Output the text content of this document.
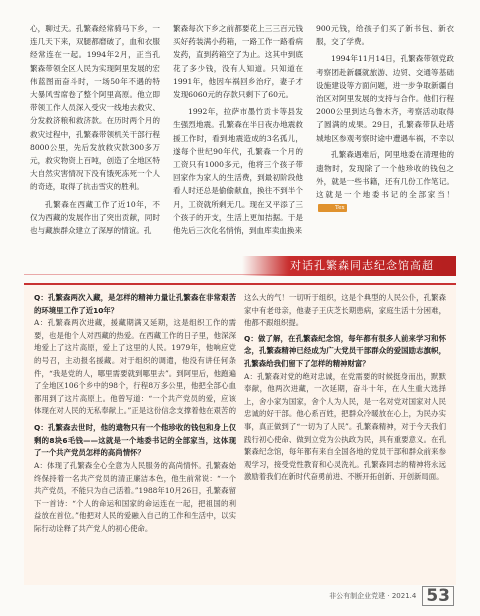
心，聊过天。孔繁森经常骑马下乡，一连几天下来，双腿都磨破了，血和衣服经常连在一起。1994年2月，正当孔繁森带领全区人民为实现阿里发展的宏伟蓝图而奋斗时，一场50年不遇的特大暴风雪席卷了整个阿里高原。他立即带领工作人员深入受灾一线地去救灾、分发救济粮和救济款。在历时两个月的救灾过程中，孔繁森带领机关干部行程8000公里，先后发放救灾款300多万元，救灾物资上百吨，创造了全地区特大自然灾害情况下没有饿死冻死一个人的奇迹，取得了抗击雪灾的胜利。

孔繁森在西藏工作了近10年，不仅为西藏的发展作出了突出贡献，同时也与藏族群众建立了深厚的情谊。孔

繁森每次下乡之前都要花上三三百元钱买好药装满小药箱，一路工作一路看病发药，直到药箱空了为止。这其中到底花了多少钱，没有人知道。只知道在1991年，他因车祸回乡治疗，妻子才发现6060元的存款只剩下了60元。

1992年，拉萨市墨竹贡卡等县发生强烈地震。孔繁森在半日夜办地震救援工作时，看到地震造成的3名孤儿，遂每个世纪90年代，孔繁森一个月的工资只有1000多元，他将三个孩子带回家作为家人的生活费，到最初阶段他看人时还总是偷偷献血，换往不到半个月，工资就所剩无几。现在又平添了三个孩子的开支，生活上更加拮据。于是他先后三次化名悄悄，到血库卖血换来

900元钱，给孩子们买了新书包、新衣服，交了学费。

1994年11月14日，孔繁森带领党政考察团赴新疆就旅游、边贸、交通等基础设施建设等方面问题，进一步争取新疆自治区对阿里发展的支持与合作。他们行程2000公里到达乌鲁木齐，考察活动取得了圆满的成果。29日，孔繁森带队赴塔城地区参观考察时途中遭遇车祸，不幸以

孔繁森遇难后，阿里地委在清理他的遗物时，发现除了一个他珍收的钱包之外，就是一些书籍，还有几份工作笔记。这就是一个地委书记的全部家当！Tex

对话孔繁森同志纪念馆高超

Q：孔繁森两次入藏，是怎样的精神力量让孔繁森在非常艰苦的环境里工作了近10年？

A：孔繁森两次进藏，援藏期满又延期，这是组织工作的需要，也是他个人对西藏的热爱。在西藏工作的日子里，他深深地爱上了这片高原，爱上了这里的人民。1979年，他响应党的号召，主动报名援藏。对于组织的调遣，他没有讲任何条件，“我是党的人，哪里需要就到哪里去”。到阿里后，他跑遍了全地区106个乡中的98个，行程8万多公里，他把全部心血都用到了这片高原上。他曾写道：“一个共产党员的爱，应该体现在对人民的无私奉献上。”正是这份信念支撑着他在艰苦的

Q：孔繁森去世时，他的遗物只有一个他珍收的钱包和身上仅剩的8块6毛钱——这就是一个地委书记的全部家当，这体现了一个共产党员怎样的高尚情怀？

A：体现了孔繁森全心全意为人民服务的高尚情怀。孔繁森始终保持着一名共产党员的清正廉洁本色，他生前常说：“一个共产党员，不能只为自己活着。”1988年10月26日，孔繁森留下一首诗：“个人的命运和国家的命运连在一起，把祖国的利益放在首位。”他把对人民的爱融入自己的工作和生活中，以实际行动诠释了共产党人的初心使命。

这么大的气！一切听于组织，这是个典型的人民公仆，孔繁森家中有老母亲，他妻子王庆芝长期患病，家庭生活十分困难，他都不跟组织提。

Q：做了解，在孔繁森纪念馆，每年都有很多人前来学习和怀念，孔繁森精神已经成为广大党员干部群众的爱国励志旗帜，孔繁森给我们留下了怎样的精神财富？

A：孔繁森对党的绝对忠诚，在党需要的时候挺身而出，默默奉献，他两次进藏，一次延期，奋斗十年，在人生重大选择上，舍小家为国家，舍个人为人民，是一名对党对国家对人民忠诚的好干部。他心系百姓，把群众冷暖放在心上，为民办实事，真正做到了“一切为了人民”。孔繁森精神，对于今天我们践行初心使命、做到立党为公执政为民，具有重要意义。在孔繁森纪念馆，每年都有来自全国各地的党员干部和群众前来参观学习，接受党性教育和心灵洗礼。孔繁森同志的精神将永远激励着我们在新时代奋勇前进、不断开拓创新、开创新局面。

非公有制企业党建 · 2021.4 53
